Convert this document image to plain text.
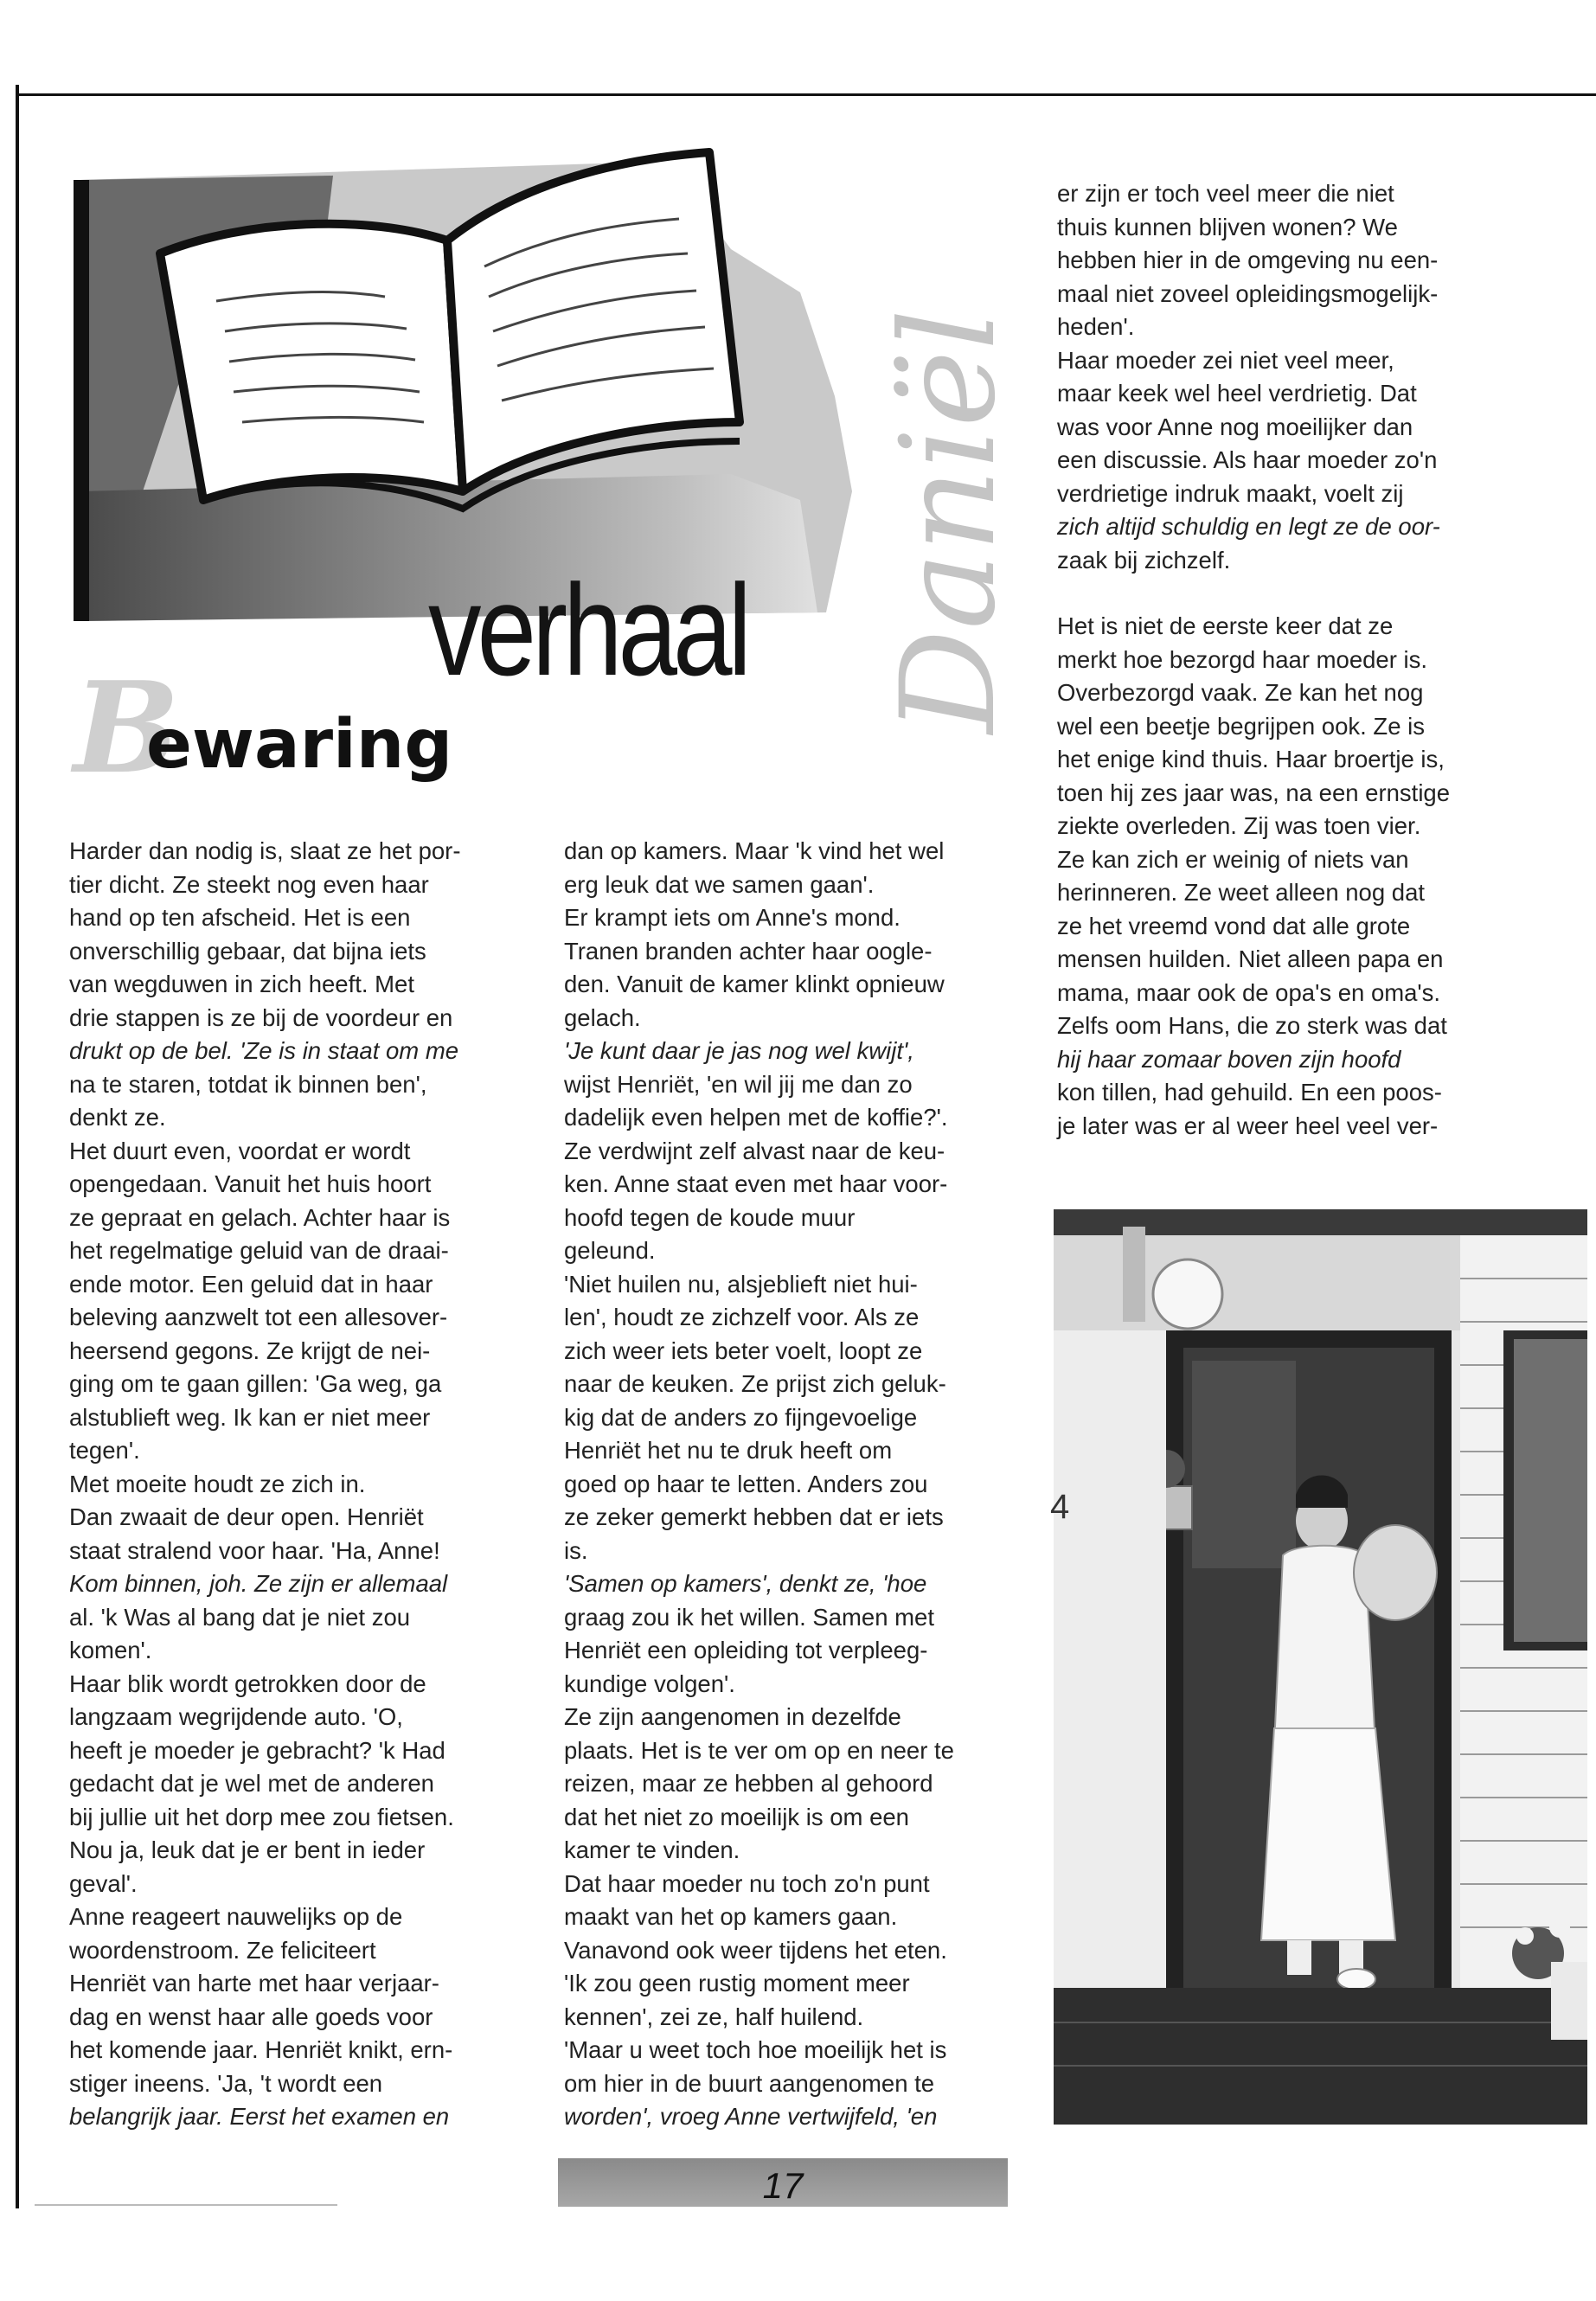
verhaal Daniël
B
ewaring

Harder dan nodig is, slaat ze het por-

tier dicht. Ze steekt nog even haar

hand op ten afscheid. Het is een

onverschillig gebaar, dat bijna iets

van wegduwen in zich heeft. Met

drie stappen is ze bij de voordeur en

drukt op de bel. 'Ze is in staat om me

na te staren, totdat ik binnen ben',

denkt ze.

Het duurt even, voordat er wordt

opengedaan. Vanuit het huis hoort

ze gepraat en gelach. Achter haar is

het regelmatige geluid van de draai-

ende motor. Een geluid dat in haar

beleving aanzwelt tot een allesover-

heersend gegons. Ze krijgt de nei-

ging om te gaan gillen: 'Ga weg, ga

alstublieft weg. Ik kan er niet meer

tegen'.

Met moeite houdt ze zich in.

Dan zwaait de deur open. Henriët

staat stralend voor haar. 'Ha, Anne!

Kom binnen, joh. Ze zijn er allemaal

al. 'k Was al bang dat je niet zou

komen'.

Haar blik wordt getrokken door de

langzaam wegrijdende auto. 'O,

heeft je moeder je gebracht? 'k Had

gedacht dat je wel met de anderen

bij jullie uit het dorp mee zou fietsen.

Nou ja, leuk dat je er bent in ieder

geval'.

Anne reageert nauwelijks op de

woordenstroom. Ze feliciteert

Henriët van harte met haar verjaar-

dag en wenst haar alle goeds voor

het komende jaar. Henriët knikt, ern-

stiger ineens. 'Ja, 't wordt een

belangrijk jaar. Eerst het examen en

dan op kamers. Maar 'k vind het wel

erg leuk dat we samen gaan'.

Er krampt iets om Anne's mond.

Tranen branden achter haar oogle-

den. Vanuit de kamer klinkt opnieuw

gelach.

'Je kunt daar je jas nog wel kwijt',

wijst Henriët, 'en wil jij me dan zo

dadelijk even helpen met de koffie?'.

Ze verdwijnt zelf alvast naar de keu-

ken. Anne staat even met haar voor-

hoofd tegen de koude muur

geleund.

'Niet huilen nu, alsjeblieft niet hui-

len', houdt ze zichzelf voor. Als ze

zich weer iets beter voelt, loopt ze

naar de keuken. Ze prijst zich geluk-

kig dat de anders zo fijngevoelige

Henriët het nu te druk heeft om

goed op haar te letten. Anders zou

ze zeker gemerkt hebben dat er iets

is.

'Samen op kamers', denkt ze, 'hoe

graag zou ik het willen. Samen met

Henriët een opleiding tot verpleeg-

kundige volgen'.

Ze zijn aangenomen in dezelfde

plaats. Het is te ver om op en neer te

reizen, maar ze hebben al gehoord

dat het niet zo moeilijk is om een

kamer te vinden.

Dat haar moeder nu toch zo'n punt

maakt van het op kamers gaan.

Vanavond ook weer tijdens het eten.

'Ik zou geen rustig moment meer

kennen', zei ze, half huilend.

'Maar u weet toch hoe moeilijk het is

om hier in de buurt aangenomen te

worden', vroeg Anne vertwijfeld, 'en

er zijn er toch veel meer die niet

thuis kunnen blijven wonen? We

hebben hier in de omgeving nu een-

maal niet zoveel opleidingsmogelijk-

heden'.

Haar moeder zei niet veel meer,

maar keek wel heel verdrietig. Dat

was voor Anne nog moeilijker dan

een discussie. Als haar moeder zo'n

verdrietige indruk maakt, voelt zij

zich altijd schuldig en legt ze de oor-

zaak bij zichzelf.

Het is niet de eerste keer dat ze

merkt hoe bezorgd haar moeder is.

Overbezorgd vaak. Ze kan het nog

wel een beetje begrijpen ook. Ze is

het enige kind thuis. Haar broertje is,

toen hij zes jaar was, na een ernstige

ziekte overleden. Zij was toen vier.

Ze kan zich er weinig of niets van

herinneren. Ze weet alleen nog dat

ze het vreemd vond dat alle grote

mensen huilden. Niet alleen papa en

mama, maar ook de opa's en oma's.

Zelfs oom Hans, die zo sterk was dat

hij haar zomaar boven zijn hoofd

kon tillen, had gehuild. En een poos-

je later was er al weer heel veel ver-

4
17
